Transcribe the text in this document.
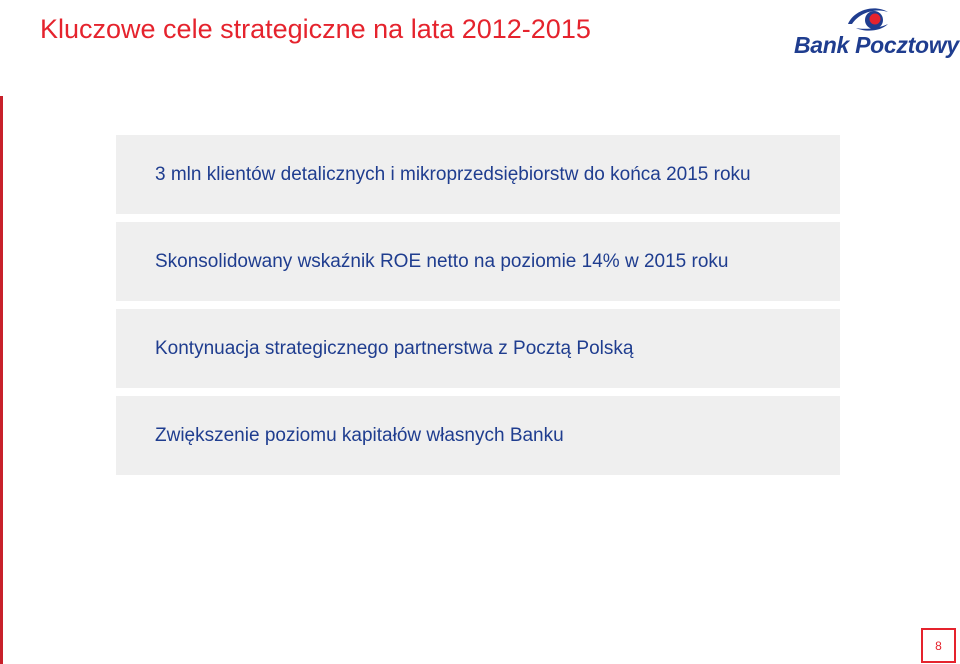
Kluczowe cele strategiczne na lata 2012-2015
Bank Pocztowy
3 mln klientów detalicznych i mikroprzedsiębiorstw do końca 2015 roku
Skonsolidowany wskaźnik ROE netto na poziomie 14% w 2015 roku
Kontynuacja strategicznego partnerstwa z Pocztą Polską
Zwiększenie poziomu kapitałów własnych Banku
8
